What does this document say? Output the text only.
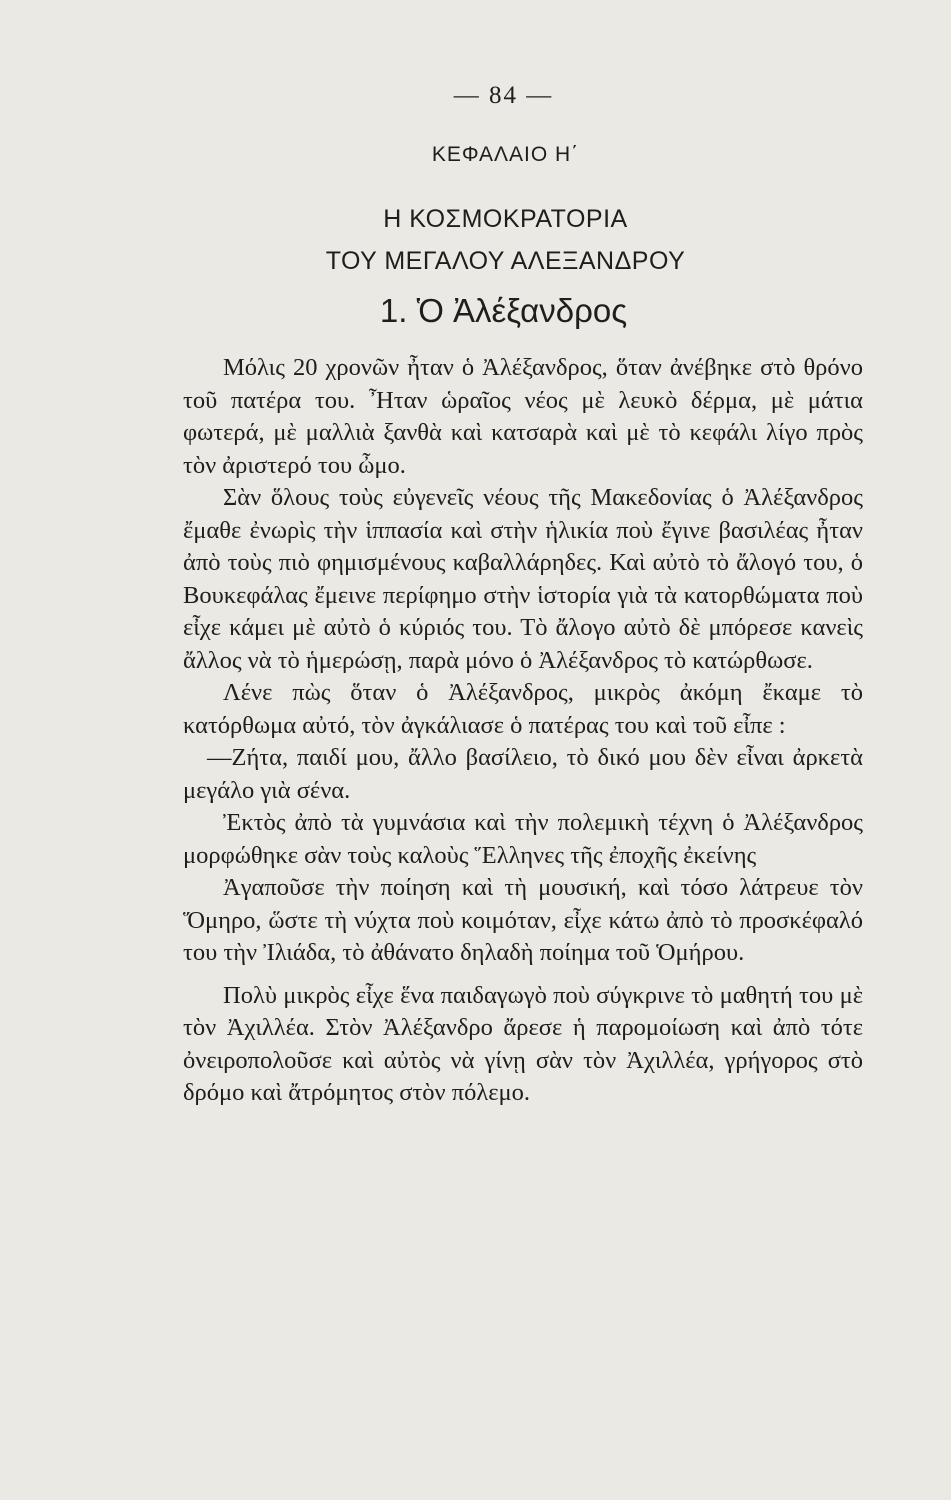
— 84 —
ΚΕΦΑΛΑΙΟ Η΄
Η ΚΟΣΜΟΚΡΑΤΟΡΙΑ
ΤΟΥ ΜΕΓΑΛΟΥ ΑΛΕΞΑΝΔΡΟΥ
1. Ὁ Ἀλέξανδρος

Μόλις 20 χρονῶν ἦταν ὁ Ἀλέξανδρος, ὅταν ἀνέβηκε στὸ θρόνο τοῦ πατέρα του. Ἦταν ὡραῖος νέος μὲ λευκὸ δέρμα, μὲ μάτια φωτερά, μὲ μαλλιὰ ξανθὰ καὶ κατσαρὰ καὶ μὲ τὸ κεφάλι λίγο πρὸς τὸν ἀριστερό του ὦμο.

Σὰν ὅλους τοὺς εὐγενεῖς νέους τῆς Μακεδονίας ὁ Ἀλέξανδρος ἔμαθε ἐνωρὶς τὴν ἱππασία καὶ στὴν ἡλικία ποὺ ἔγινε βασιλέας ἦταν ἀπὸ τοὺς πιὸ φημισμένους καβαλλάρηδες. Καὶ αὐτὸ τὸ ἄλογό του, ὁ Βουκεφάλας ἔμεινε περίφημο στὴν ἱστορία γιὰ τὰ κατορθώματα ποὺ εἶχε κάμει μὲ αὐτὸ ὁ κύριός του. Τὸ ἄλογο αὐτὸ δὲ μπόρεσε κανεὶς ἄλλος νὰ τὸ ἡμερώσῃ, παρὰ μόνο ὁ Ἀλέξανδρος τὸ κατώρθωσε.

Λένε πὼς ὅταν ὁ Ἀλέξανδρος, μικρὸς ἀκόμη ἔκαμε τὸ κατόρθωμα αὐτό, τὸν ἀγκάλιασε ὁ πατέρας του καὶ τοῦ εἶπε :

—Ζήτα, παιδί μου, ἄλλο βασίλειο, τὸ δικό μου δὲν εἶναι ἀρκετὰ μεγάλο γιὰ σένα.

Ἐκτὸς ἀπὸ τὰ γυμνάσια καὶ τὴν πολεμικὴ τέχνη ὁ Ἀλέξανδρος μορφώθηκε σὰν τοὺς καλοὺς Ἕλληνες τῆς ἐποχῆς ἐκείνης

Ἀγαποῦσε τὴν ποίηση καὶ τὴ μουσική, καὶ τόσο λάτρευε τὸν Ὅμηρο, ὥστε τὴ νύχτα ποὺ κοιμόταν, εἶχε κάτω ἀπὸ τὸ προσκέφαλό του τὴν Ἰλιάδα, τὸ ἀθάνατο δηλαδὴ ποίημα τοῦ Ὁμήρου.

Πολὺ μικρὸς εἶχε ἕνα παιδαγωγὸ ποὺ σύγκρινε τὸ μαθητή του μὲ τὸν Ἀχιλλέα. Στὸν Ἀλέξανδρο ἄρεσε ἡ παρομοίωση καὶ ἀπὸ τότε ὀνειροπολοῦσε καὶ αὐτὸς νὰ γίνῃ σὰν τὸν Ἀχιλλέα, γρήγορος στὸ δρόμο καὶ ἄτρόμητος στὸν πόλεμο.
